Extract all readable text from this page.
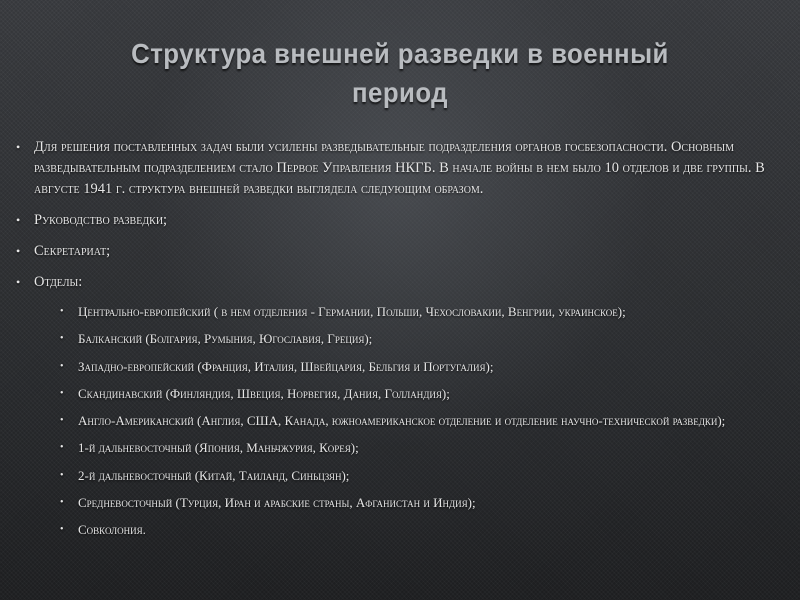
Структура внешней разведки в военный
период
• Для решения поставленных задач были усилены разведывательные подразделения органов госбезопасности. Основным разведывательным подразделением стало Первое Управления НКГБ. В начале войны в нем было 10 отделов и две группы. В августе 1941 г. структура внешней разведки выглядела следующим образом.
• Руководство разведки;
• Секретариат;
• Отделы:
• Центрально-европейский ( в нем отделения - Германии, Польши, Чехословакии, Венгрии, украинское);
• Балканский (Болгария, Румыния, Югославия, Греция);
• Западно-европейский (Франция, Италия, Швейцария, Бельгия и Португалия);
• Скандинавский (Финляндия, Швеция, Норвегия, Дания, Голландия);
• Англо-Американский (Англия, США, Канада, южноамериканское отделение и отделение научно-технической разведки);
• 1-й дальневосточный (Япония, Маньчжурия, Корея);
• 2-й дальневосточный (Китай, Таиланд, Синьцзян);
• Средневосточный (Турция, Иран и арабские страны, Афганистан и Индия);
• Совколония.
